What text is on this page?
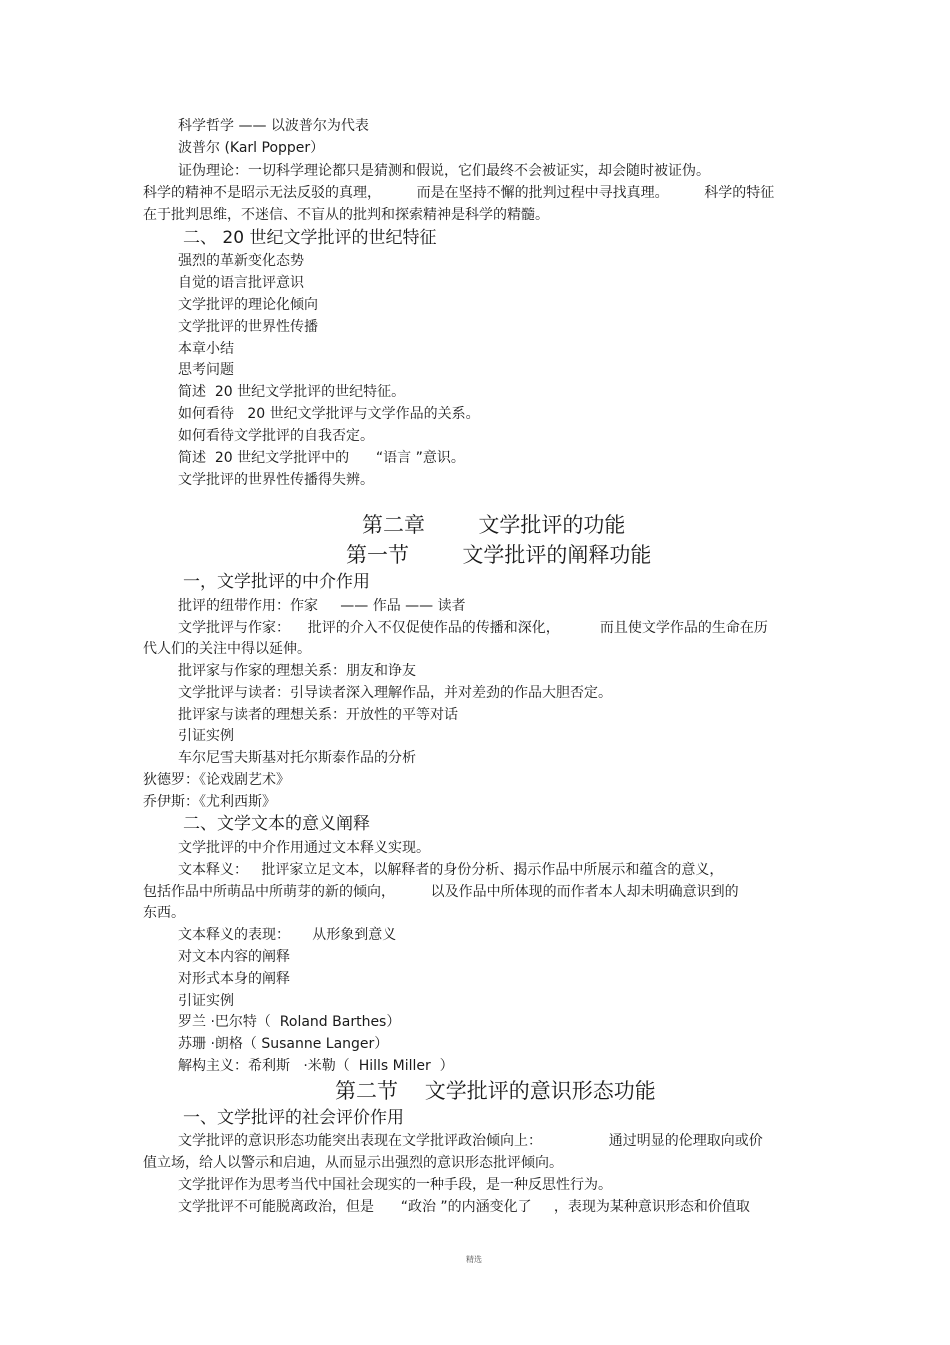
科学哲学 —— 以波普尔为代表
波普尔 (Karl Popper）
证伪理论：一切科学理论都只是猜测和假说，它们最终不会被证实，却会随时被证伪。
科学的精神不是昭示无法反驳的真理，        而是在坚持不懈的批判过程中寻找真理。        科学的特征
在于批判思维，不迷信、不盲从的批判和探索精神是科学的精髓。
二、 20 世纪文学批评的世纪特征
强烈的革新变化态势
自觉的语言批评意识
文学批评的理论化倾向
文学批评的世界性传播
本章小结
思考问题
简述  20 世纪文学批评的世纪特征。
如何看待   20 世纪文学批评与文学作品的关系。
如何看待文学批评的自我否定。
简述  20 世纪文学批评中的      “语言 ”意识。
文学批评的世界性传播得失辨。
第二章        文学批评的功能
第一节        文学批评的阐释功能
一，文学批评的中介作用
批评的纽带作用：作家     —— 作品 —— 读者
文学批评与作家：    批评的介入不仅促使作品的传播和深化，         而且使文学作品的生命在历
代人们的关注中得以延伸。
批评家与作家的理想关系：朋友和诤友
文学批评与读者：引导读者深入理解作品，并对差劲的作品大胆否定。
批评家与读者的理想关系：开放性的平等对话
引证实例
车尔尼雪夫斯基对托尔斯泰作品的分析
狄德罗：《论戏剧艺术》
乔伊斯：《尤利西斯》
二、文学文本的意义阐释
文学批评的中介作用通过文本释义实现。
文本释义：   批评家立足文本，以解释者的身份分析、揭示作品中所展示和蕴含的意义，
包括作品中所萌品中所萌芽的新的倾向，        以及作品中所体现的而作者本人却未明确意识到的
东西。
文本释义的表现：     从形象到意义
对文本内容的阐释
对形式本身的阐释
引证实例
罗兰 ·巴尔特（  Roland Barthes）
苏珊 ·朗格（ Susanne Langer）
解构主义：希利斯   ·米勒（  Hills Miller  ）
第二节    文学批评的意识形态功能
一、文学批评的社会评价作用
文学批评的意识形态功能突出表现在文学批评政治倾向上：               通过明显的伦理取向或价
值立场，给人以警示和启迪，从而显示出强烈的意识形态批评倾向。
文学批评作为思考当代中国社会现实的一种手段，是一种反思性行为。
文学批评不可能脱离政治，但是      “政治 ”的内涵变化了     ，表现为某种意识形态和价值取
精选
